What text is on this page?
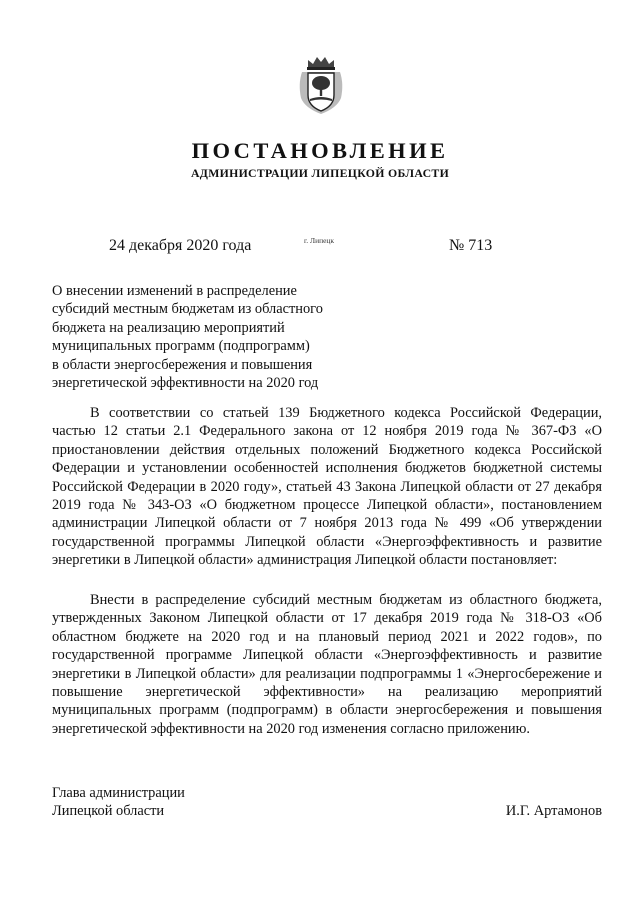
ПОСТАНОВЛЕНИЕ
АДМИНИСТРАЦИИ ЛИПЕЦКОЙ ОБЛАСТИ
24 декабря 2020 года	г. Липецк	№ 713
О внесении изменений в распределение
субсидий местным бюджетам из областного
бюджета на реализацию мероприятий
муниципальных программ (подпрограмм)
в области энергосбережения и повышения
энергетической эффективности на 2020 год

В соответствии со статьей 139 Бюджетного кодекса Российской Федерации, частью 12 статьи 2.1 Федерального закона от 12 ноября 2019 года № 367-ФЗ «О приостановлении действия отдельных положений Бюджетного кодекса Российской Федерации и установлении особенностей исполнения бюджетов бюджетной системы Российской Федерации в 2020 году», статьей 43 Закона Липецкой области от 27 декабря 2019 года № 343-ОЗ «О бюджетном процессе Липецкой области», постановлением администрации Липецкой области от 7 ноября 2013 года № 499 «Об утверждении государственной программы Липецкой области «Энергоэффективность и развитие энергетики в Липецкой области» администрация Липецкой области постановляет:

Внести в распределение субсидий местным бюджетам из областного бюджета, утвержденных Законом Липецкой области от 17 декабря 2019 года № 318-ОЗ «Об областном бюджете на 2020 год и на плановый период 2021 и 2022 годов», по государственной программе Липецкой области «Энергоэффективность и развитие энергетики в Липецкой области» для реализации подпрограммы 1 «Энергосбережение и повышение энергетической эффективности» на реализацию мероприятий муниципальных программ (подпрограмм) в области энергосбережения и повышения энергетической эффективности на 2020 год изменения согласно приложению.

Глава администрации
Липецкой области	И.Г. Артамонов
